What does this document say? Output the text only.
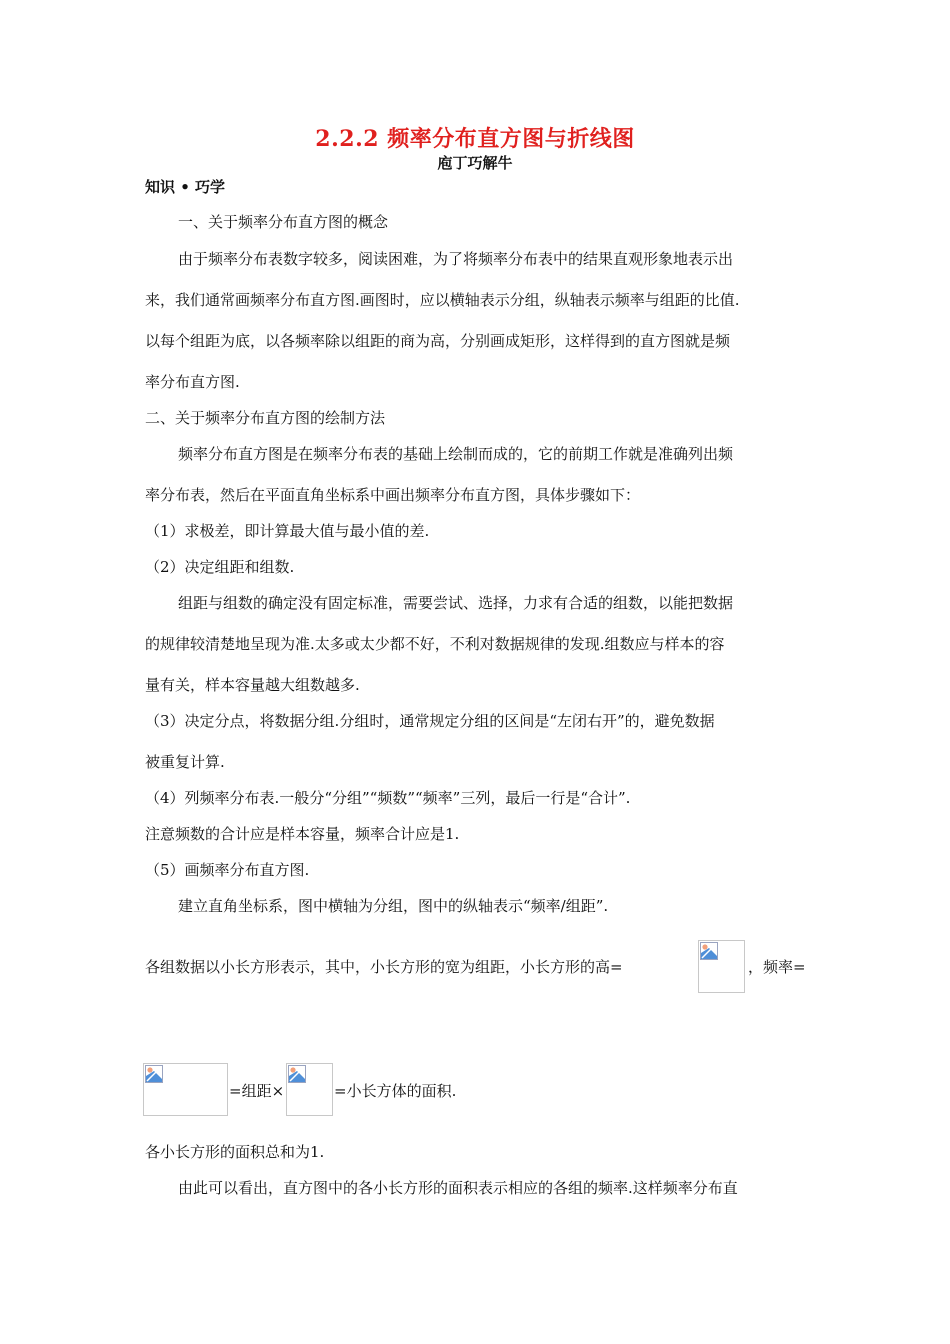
2.2.2 频率分布直方图与折线图
庖丁巧解牛
知识 • 巧学
一、关于频率分布直方图的概念
由于频率分布表数字较多，阅读困难，为了将频率分布表中的结果直观形象地表示出
来，我们通常画频率分布直方图.画图时，应以横轴表示分组，纵轴表示频率与组距的比值.
以每个组距为底，以各频率除以组距的商为高，分别画成矩形，这样得到的直方图就是频
率分布直方图.
二、关于频率分布直方图的绘制方法
频率分布直方图是在频率分布表的基础上绘制而成的，它的前期工作就是准确列出频
率分布表，然后在平面直角坐标系中画出频率分布直方图，具体步骤如下：
（1）求极差，即计算最大值与最小值的差.
（2）决定组距和组数.
组距与组数的确定没有固定标准，需要尝试、选择，力求有合适的组数，以能把数据
的规律较清楚地呈现为准.太多或太少都不好，不利对数据规律的发现.组数应与样本的容
量有关，样本容量越大组数越多.
（3）决定分点，将数据分组.分组时，通常规定分组的区间是“左闭右开”的，避免数据
被重复计算.
（4）列频率分布表.一般分“分组”“频数”“频率”三列，最后一行是“合计”.
注意频数的合计应是样本容量，频率合计应是1.
（5）画频率分布直方图.
建立直角坐标系，图中横轴为分组，图中的纵轴表示“频率/组距”.
各组数据以小长方形表示，其中，小长方形的宽为组距，小长方形的高=	，频率=
=组距×	=小长方体的面积.
各小长方形的面积总和为1.
由此可以看出，直方图中的各小长方形的面积表示相应的各组的频率.这样频率分布直
